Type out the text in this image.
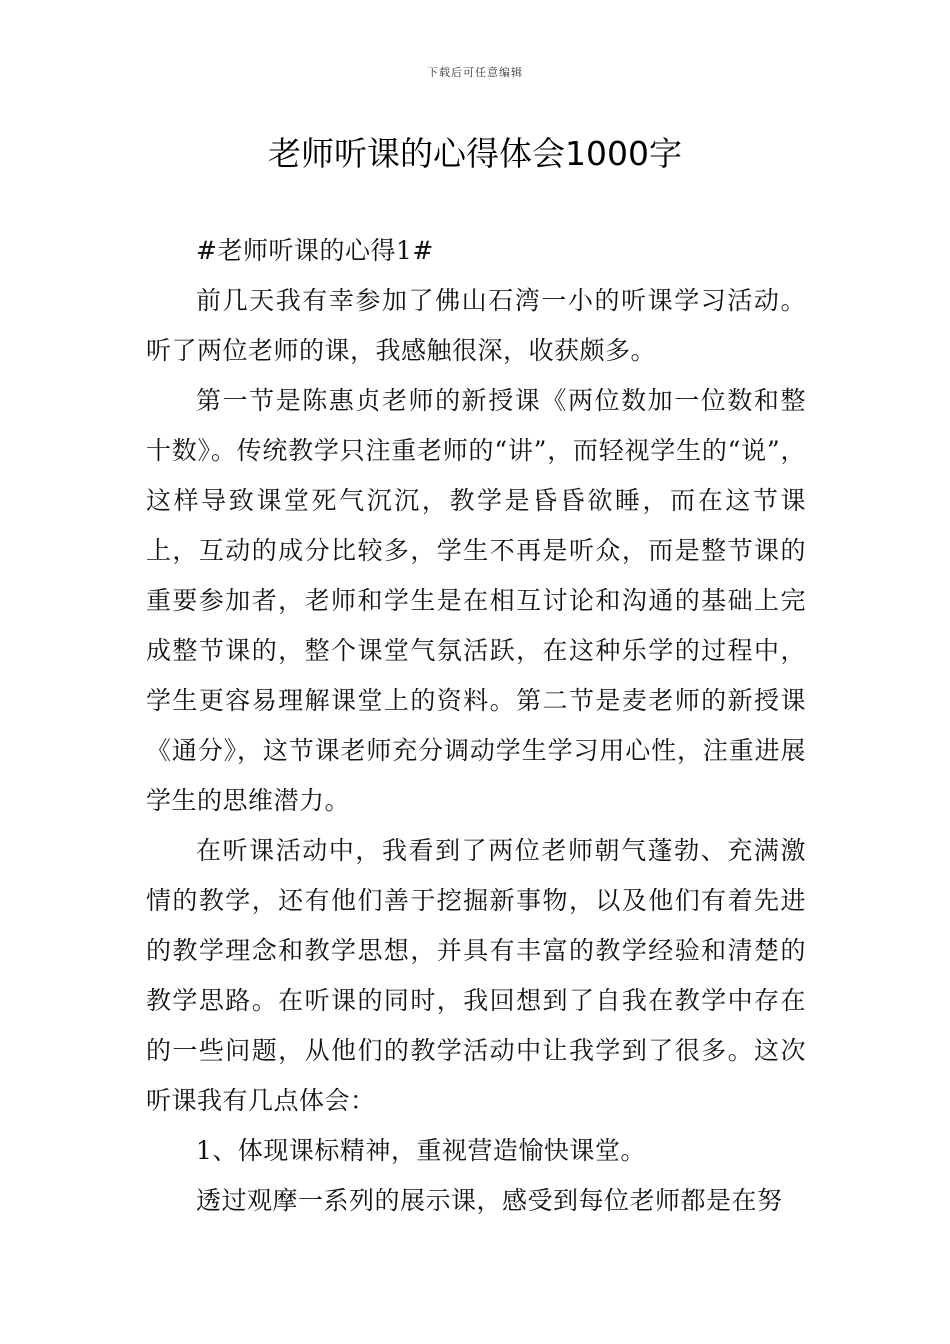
下载后可任意编辑
老师听课的心得体会1000字

#老师听课的心得1#

前几天我有幸参加了佛山石湾一小的听课学习活动。听了两位老师的课，我感触很深，收获颇多。

第一节是陈惠贞老师的新授课《两位数加一位数和整十数》。传统教学只注重老师的“讲”，而轻视学生的“说”，这样导致课堂死气沉沉，教学是昏昏欲睡，而在这节课上，互动的成分比较多，学生不再是听众，而是整节课的重要参加者，老师和学生是在相互讨论和沟通的基础上完成整节课的，整个课堂气氛活跃，在这种乐学的过程中，学生更容易理解课堂上的资料。第二节是麦老师的新授课《通分》，这节课老师充分调动学生学习用心性，注重进展学生的思维潜力。

在听课活动中，我看到了两位老师朝气蓬勃、充满激情的教学，还有他们善于挖掘新事物，以及他们有着先进的教学理念和教学思想，并具有丰富的教学经验和清楚的教学思路。在听课的同时，我回想到了自我在教学中存在的一些问题，从他们的教学活动中让我学到了很多。这次听课我有几点体会：

1、体现课标精神，重视营造愉快课堂。

透过观摩一系列的展示课，感受到每位老师都是在努
